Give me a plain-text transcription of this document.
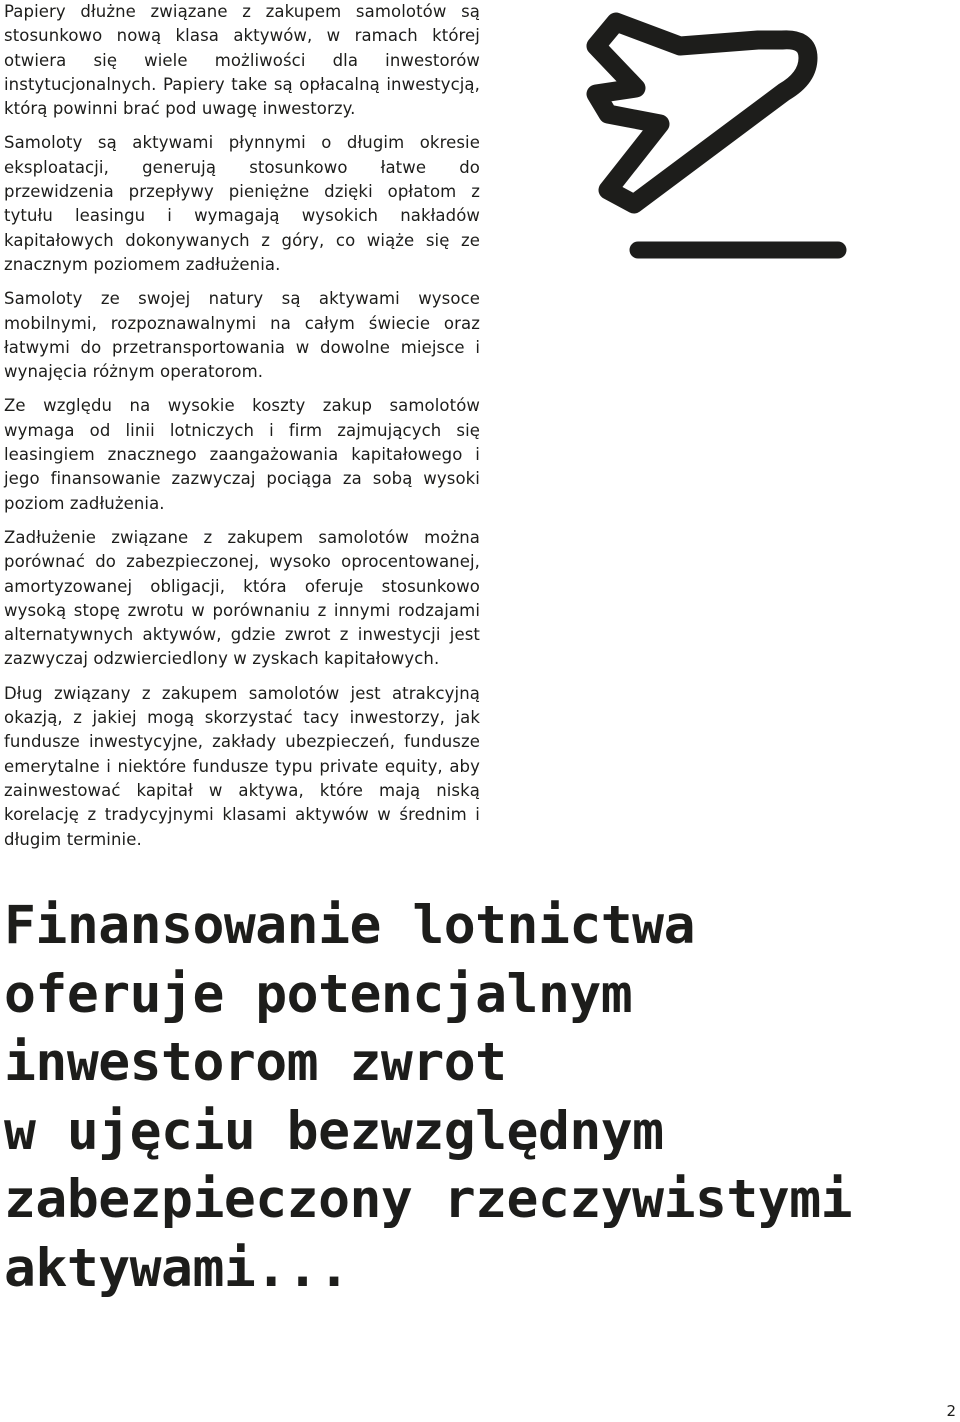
Papiery dłużne związane z zakupem samolotów są stosunkowo nową klasa aktywów, w ramach której otwiera się wiele możliwości dla inwestorów instytucjonalnych. Papiery take są opłacalną inwestycją, którą powinni brać pod uwagę inwestorzy.

Samoloty są aktywami płynnymi o długim okresie eksploatacji, generują stosunkowo łatwe do przewidzenia przepływy pieniężne dzięki opłatom z tytułu leasingu i wymagają wysokich nakładów kapitałowych dokonywanych z góry, co wiąże się ze znacznym poziomem zadłużenia.

Samoloty ze swojej natury są aktywami wysoce mobilnymi, rozpoznawalnymi na całym świecie oraz łatwymi do przetransportowania w dowolne miejsce i wynajęcia różnym operatorom.

Ze względu na wysokie koszty zakup samolotów wymaga od linii lotniczych i firm zajmujących się leasingiem znacznego zaangażowania kapitałowego i jego finansowanie zazwyczaj pociąga za sobą wysoki poziom zadłużenia.

Zadłużenie związane z zakupem samolotów można porównać do zabezpieczonej, wysoko oprocentowanej, amortyzowanej obligacji, która oferuje stosunkowo wysoką stopę zwrotu w porównaniu z innymi rodzajami alternatywnych aktywów, gdzie zwrot z inwestycji jest zazwyczaj odzwierciedlony w zyskach kapitałowych.

Dług związany z zakupem samolotów jest atrakcyjną okazją, z jakiej mogą skorzystać tacy inwestorzy, jak fundusze inwestycyjne, zakłady ubezpieczeń, fundusze emerytalne i niektóre fundusze typu private equity, aby zainwestować kapitał w aktywa, które mają niską korelację z tradycyjnymi klasami aktywów w średnim i długim terminie.

Finansowanie lotnictwa
oferuje potencjalnym
inwestorom zwrot
w ujęciu bezwzględnym
zabezpieczony rzeczywistymi
aktywami...
2
